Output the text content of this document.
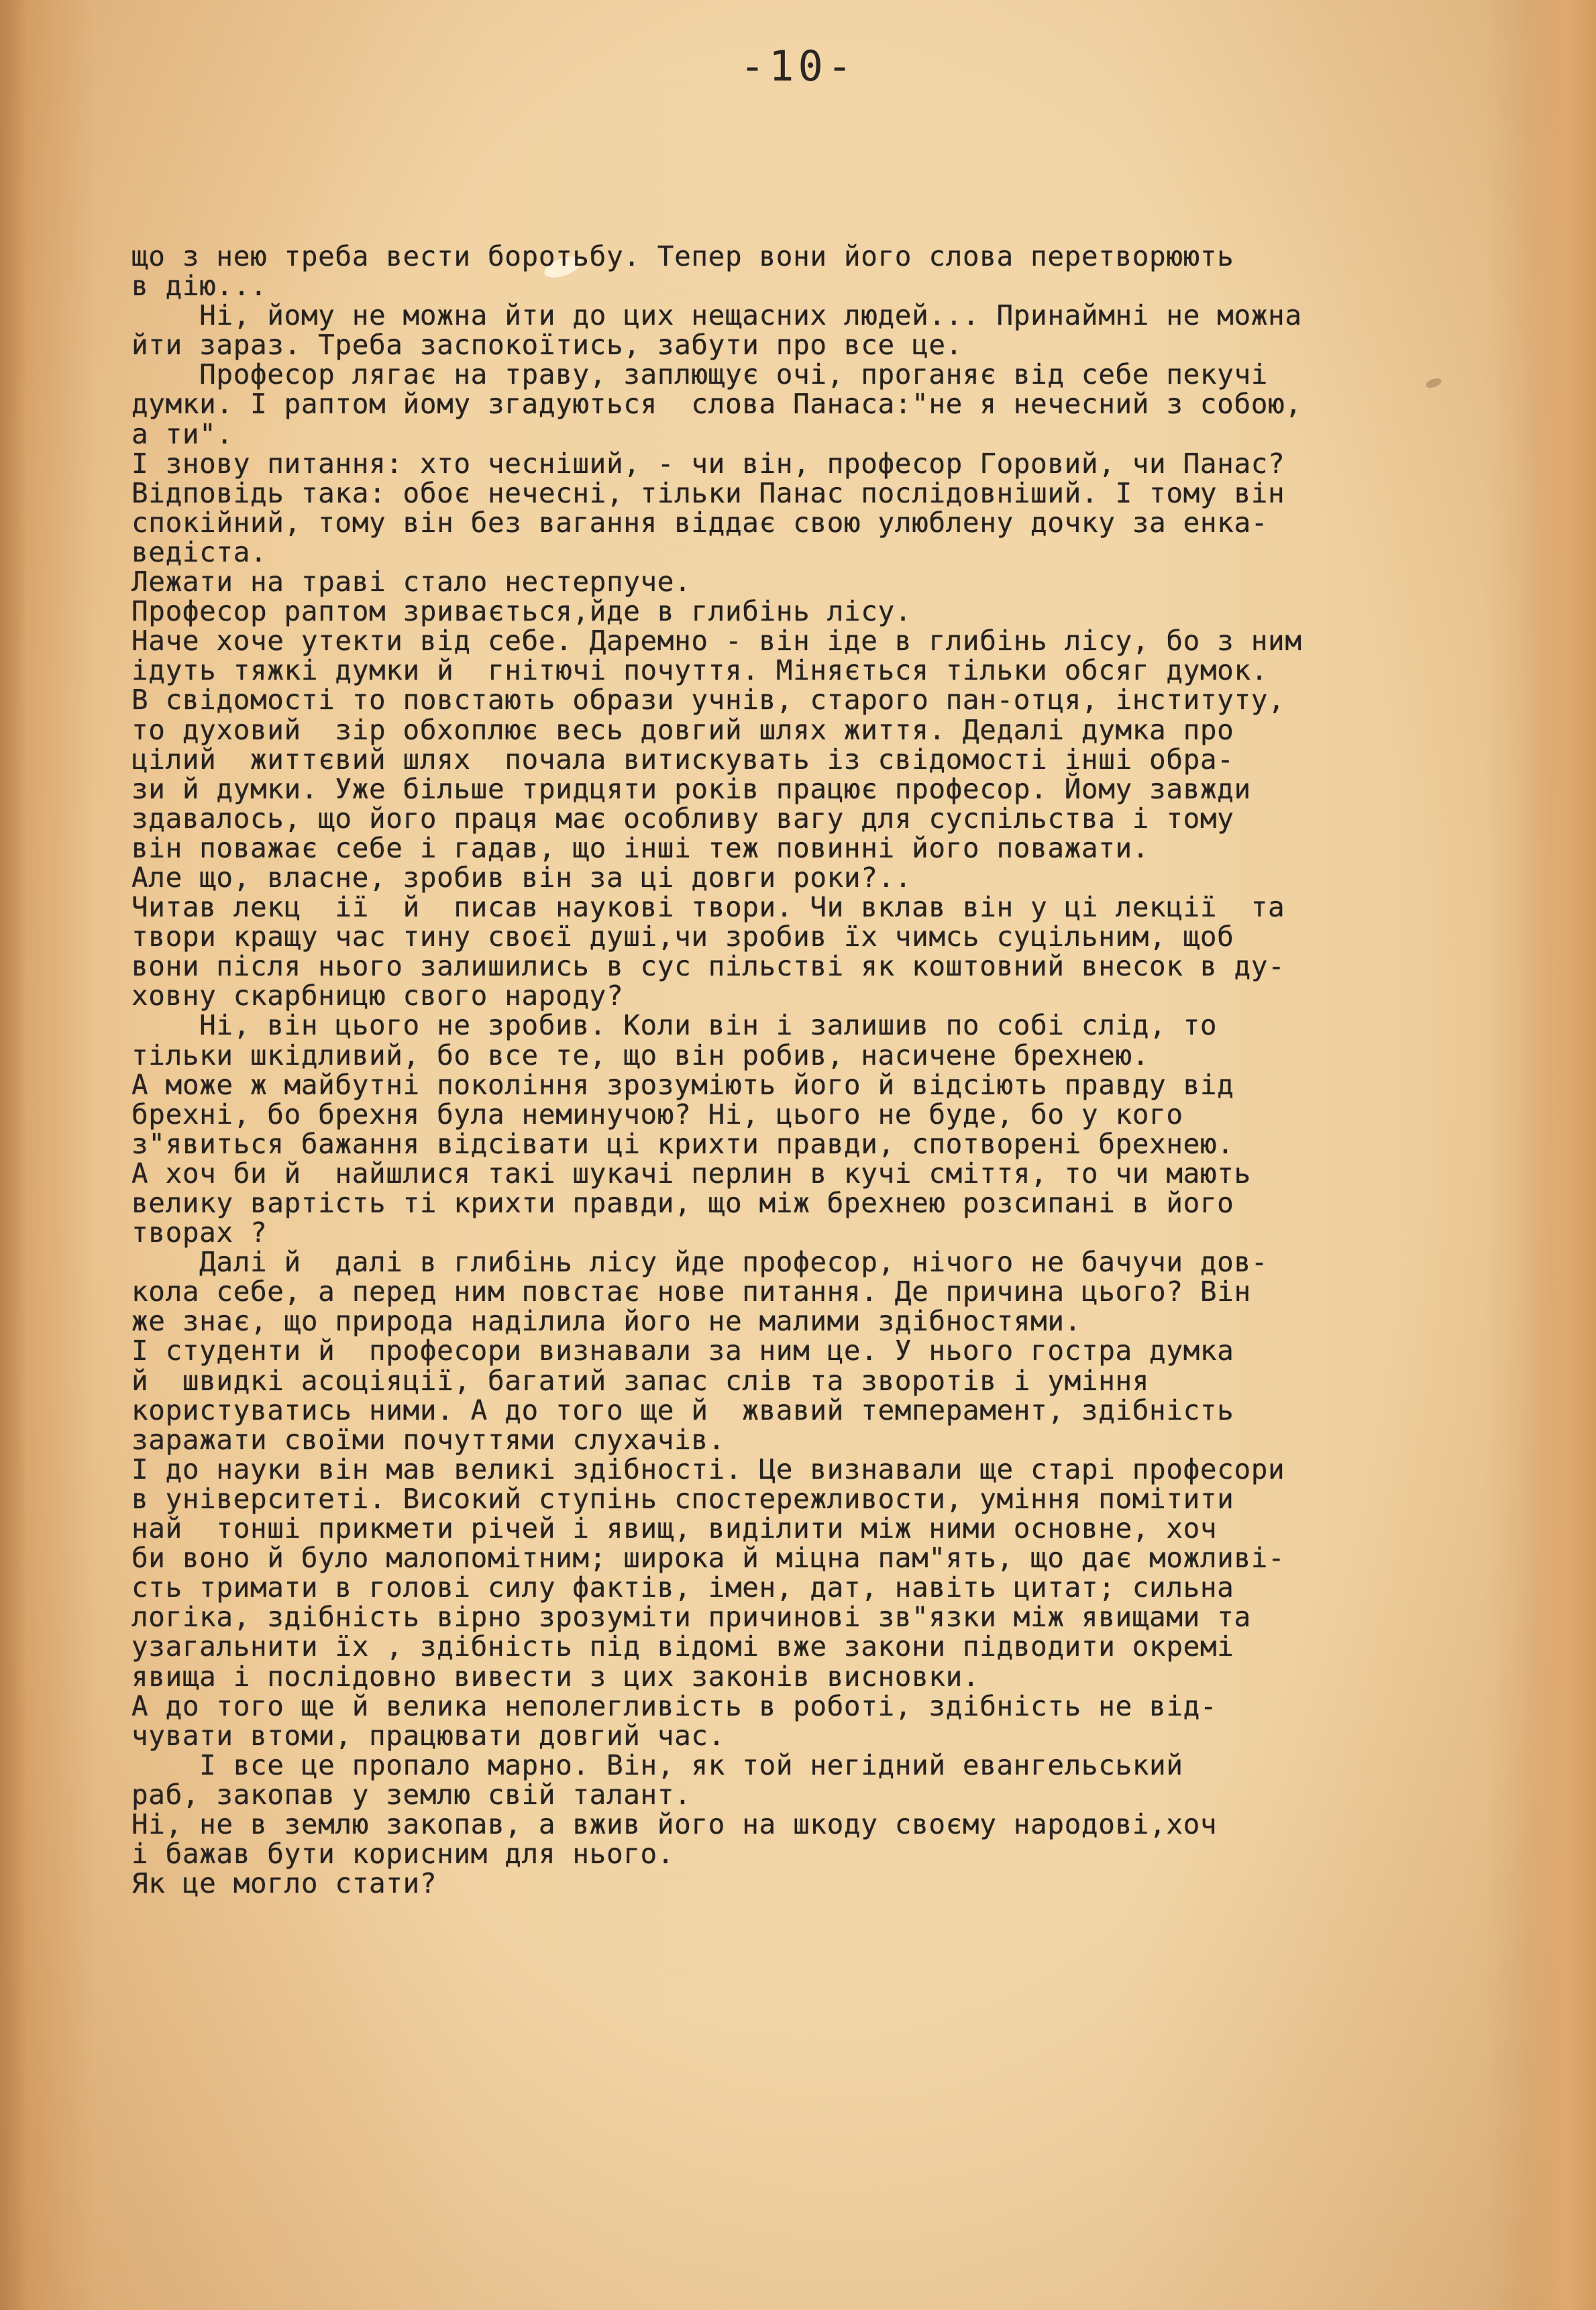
-10-
що з нею треба вести боротьбу. Тепер вони його слова перетворюють
в дію...
Ні, йому не можна йти до цих нещасних людей... Принаймні не можна
йти зараз. Треба заспокоїтись, забути про все це.
Професор лягає на траву, заплющує очі, проганяє від себе пекучі
думки. І раптом йому згадуються  слова Панаса:"не я нечесний з собою,
а ти".
І знову питання: хто чесніший, - чи він, професор Горовий, чи Панас?
Відповідь така: обоє нечесні, тільки Панас послідовніший. І тому він
спокійний, тому він без вагання віддає свою улюблену дочку за енка-
ведіста.
Лежати на траві стало нестерпуче.
Професор раптом зривається,йде в глибінь лісу.
Наче хоче утекти від себе. Даремно - він іде в глибінь лісу, бо з ним
ідуть тяжкі думки й  гнітючі почуття. Міняється тільки обсяг думок.
В свідомості то повстають образи учнів, старого пан-отця, інституту,
то духовий  зір обхоплює весь довгий шлях життя. Дедалі думка про
цілий  життєвий шлях  почала витискувать із свідомості інші обра-
зи й думки. Уже більше тридцяти років працює професор. Йому завжди
здавалось, що його праця має особливу вагу для суспільства і тому
він поважає себе і гадав, що інші теж повинні його поважати.
Але що, власне, зробив він за ці довги роки?..
Читав лекц  ії  й  писав наукові твори. Чи вклав він у ці лекції  та
твори кращу час тину своєї душі,чи зробив їх чимсь суцільним, щоб
вони після нього залишились в сус пільстві як коштовний внесок в ду-
ховну скарбницю свого народу?
Ні, він цього не зробив. Коли він і залишив по собі слід, то
тільки шкідливий, бо все те, що він робив, насичене брехнею.
А може ж майбутні покоління зрозуміють його й відсіють правду від
брехні, бо брехня була неминучою? Ні, цього не буде, бо у кого
з"явиться бажання відсівати ці крихти правди, спотворені брехнею.
А хоч би й  найшлися такі шукачі перлин в кучі сміття, то чи мають
велику вартість ті крихти правди, що між брехнею розсипані в його
творах ?
Далі й  далі в глибінь лісу йде професор, нічого не бачучи дов-
кола себе, а перед ним повстає нове питання. Де причина цього? Він
же знає, що природа наділила його не малими здібностями.
І студенти й  професори визнавали за ним це. У нього гостра думка
й  швидкі асоціяції, багатий запас слів та зворотів і уміння
користуватись ними. А до того ще й  жвавий темперамент, здібність
заражати своїми почуттями слухачів.
І до науки він мав великі здібності. Це визнавали ще старі професори
в університеті. Високий ступінь спостережливости, уміння помітити
най  тонші прикмети річей і явищ, виділити між ними основне, хоч
би воно й було малопомітним; широка й міцна пам"ять, що дає можливі-
сть тримати в голові силу фактів, імен, дат, навіть цитат; сильна
логіка, здібність вірно зрозуміти причинові зв"язки між явищами та
узагальнити їх , здібність під відомі вже закони підводити окремі
явища і послідовно вивести з цих законів висновки.
А до того ще й велика неполегливість в роботі, здібність не від-
чувати втоми, працювати довгий час.
І все це пропало марно. Він, як той негідний евангельський
раб, закопав у землю свій талант.
Ні, не в землю закопав, а вжив його на шкоду своєму народові,хоч
і бажав бути корисним для нього.
Як це могло стати?
